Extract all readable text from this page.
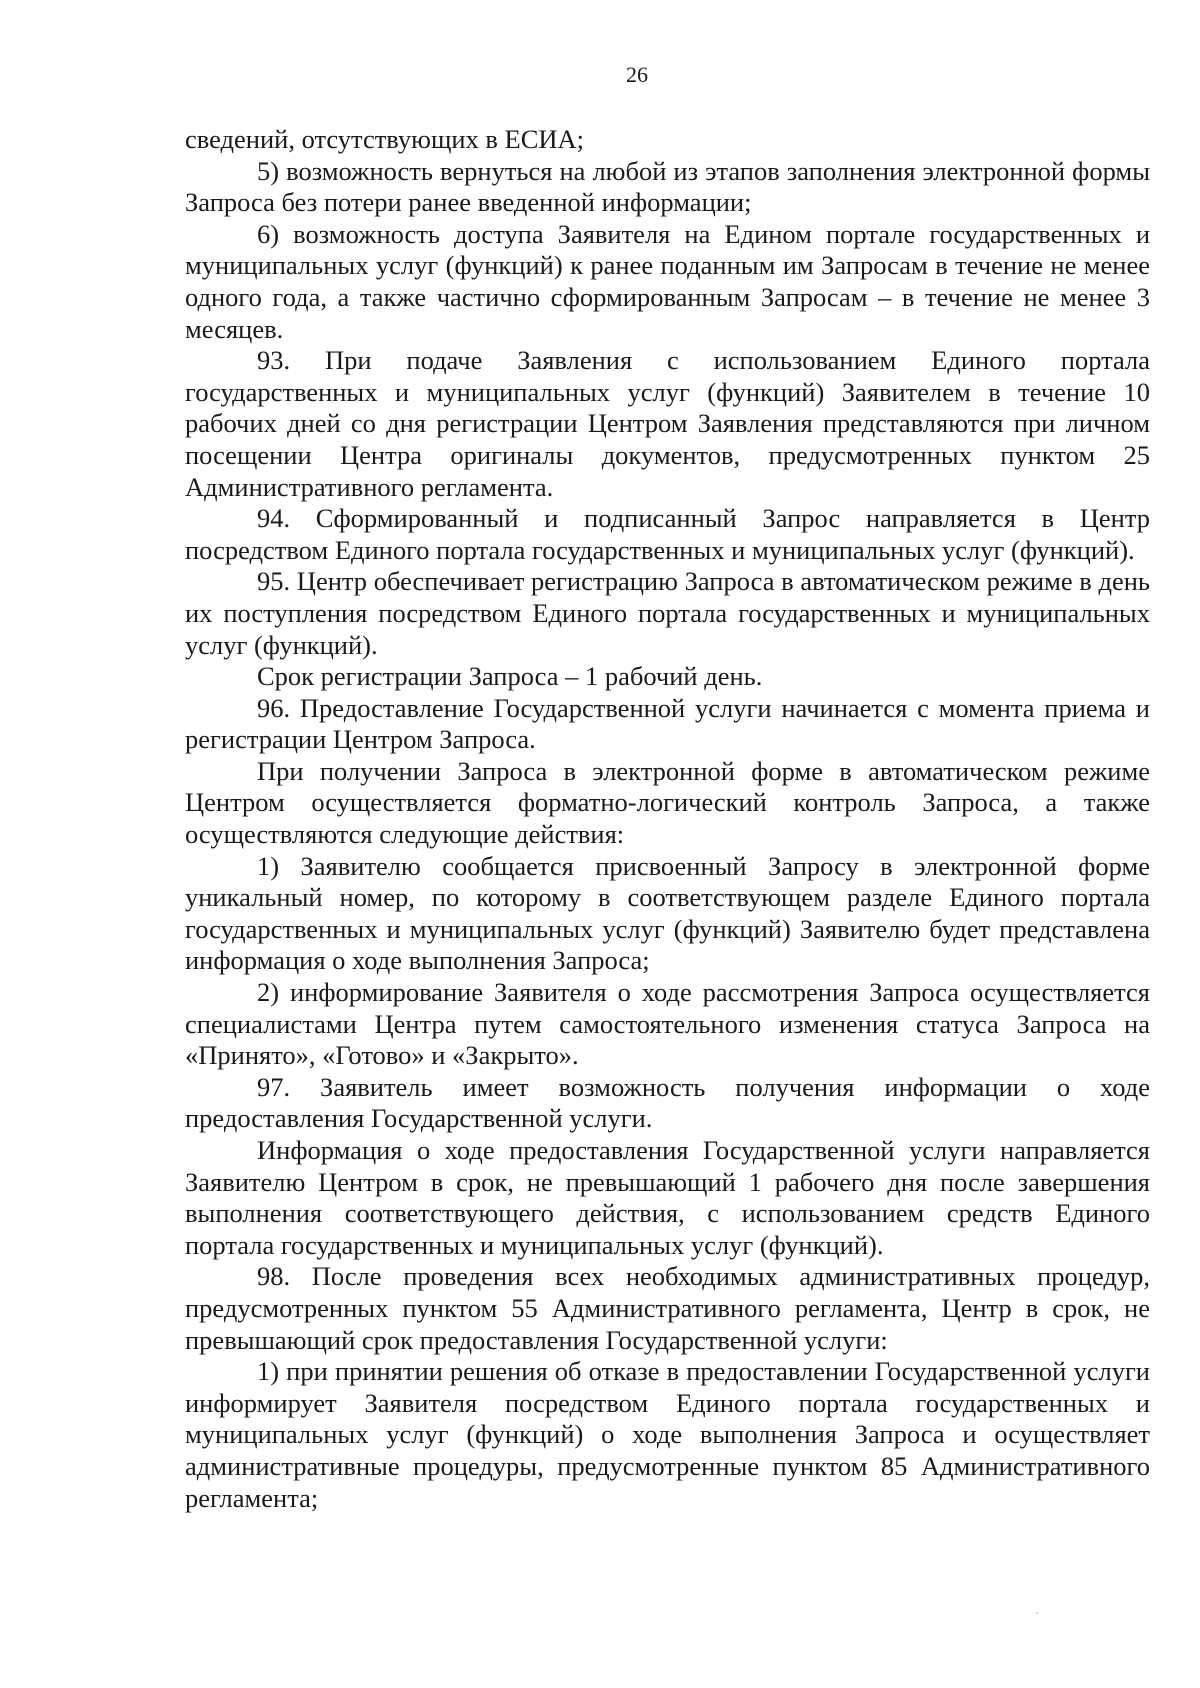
26

сведений, отсутствующих в ЕСИА;

5) возможность вернуться на любой из этапов заполнения электронной формы Запроса без потери ранее введенной информации;

6) возможность доступа Заявителя на Едином портале государственных и муниципальных услуг (функций) к ранее поданным им Запросам в течение не менее одного года, а также частично сформированным Запросам – в течение не менее 3 месяцев.

93. При подаче Заявления с использованием Единого портала государственных и муниципальных услуг (функций) Заявителем в течение 10 рабочих дней со дня регистрации Центром Заявления представляются при личном посещении Центра оригиналы документов, предусмотренных пунктом 25 Административного регламента.

94. Сформированный и подписанный Запрос направляется в Центр посредством Единого портала государственных и муниципальных услуг (функций).

95. Центр обеспечивает регистрацию Запроса в автоматическом режиме в день их поступления посредством Единого портала государственных и муниципальных услуг (функций).

Срок регистрации Запроса – 1 рабочий день.

96. Предоставление Государственной услуги начинается с момента приема и регистрации Центром Запроса.

При получении Запроса в электронной форме в автоматическом режиме Центром осуществляется форматно-логический контроль Запроса, а также осуществляются следующие действия:

1) Заявителю сообщается присвоенный Запросу в электронной форме уникальный номер, по которому в соответствующем разделе Единого портала государственных и муниципальных услуг (функций) Заявителю будет представлена информация о ходе выполнения Запроса;

2) информирование Заявителя о ходе рассмотрения Запроса осуществляется специалистами Центра путем самостоятельного изменения статуса Запроса на «Принято», «Готово» и «Закрыто».

97. Заявитель имеет возможность получения информации о ходе предоставления Государственной услуги.

Информация о ходе предоставления Государственной услуги направляется Заявителю Центром в срок, не превышающий 1 рабочего дня после завершения выполнения соответствующего действия, с использованием средств Единого портала государственных и муниципальных услуг (функций).

98. После проведения всех необходимых административных процедур, предусмотренных пунктом 55 Административного регламента, Центр в срок, не превышающий срок предоставления Государственной услуги:

1) при принятии решения об отказе в предоставлении Государственной услуги информирует Заявителя посредством Единого портала государственных и муниципальных услуг (функций) о ходе выполнения Запроса и осуществляет административные процедуры, предусмотренные пунктом 85 Административного регламента;
